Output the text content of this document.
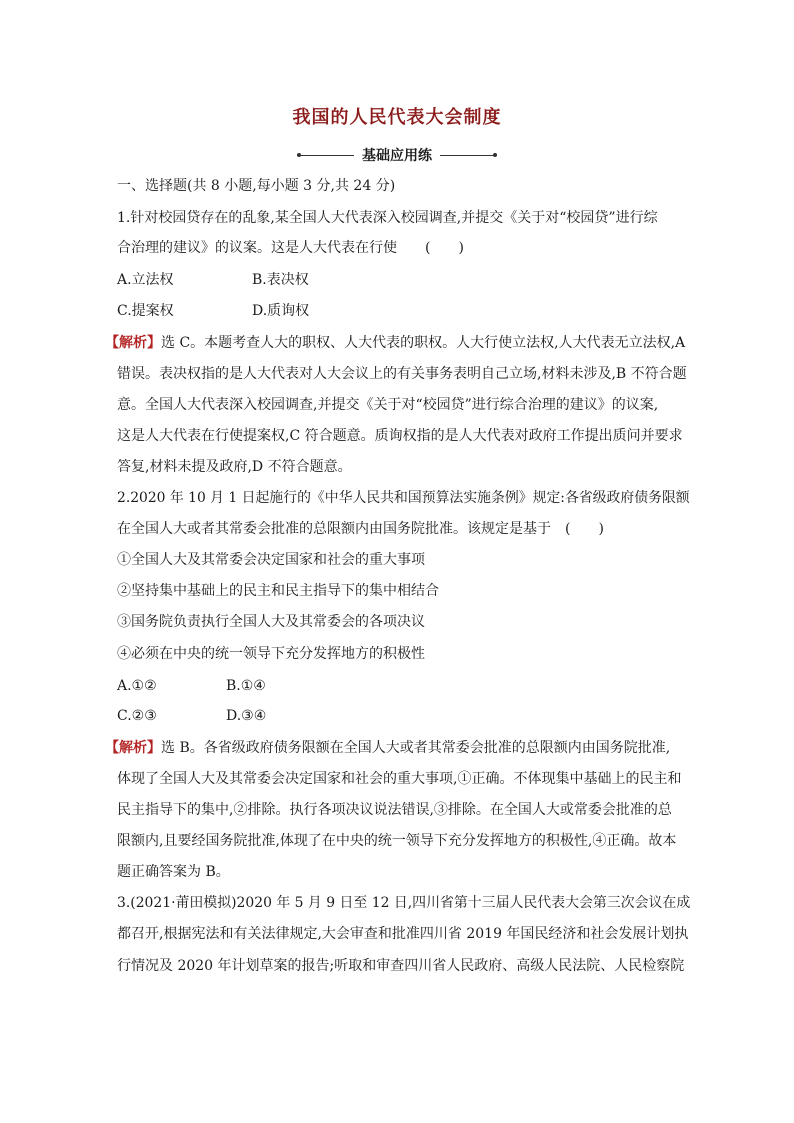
我国的人民代表大会制度
基础应用练
一、选择题(共 8 小题,每小题 3 分,共 24 分)
1.针对校园贷存在的乱象,某全国人大代表深入校园调查,并提交《关于对“校园贷”进行综
合治理的建议》的议案。这是人大代表在行使　　(　　)
A.立法权	B.表决权
C.提案权	D.质询权
【解析】选 C。本题考查人大的职权、人大代表的职权。人大行使立法权,人大代表无立法权,A
错误。表决权指的是人大代表对人大会议上的有关事务表明自己立场,材料未涉及,B 不符合题
意。全国人大代表深入校园调查,并提交《关于对“校园贷”进行综合治理的建议》的议案,
这是人大代表在行使提案权,C 符合题意。质询权指的是人大代表对政府工作提出质问并要求
答复,材料未提及政府,D 不符合题意。
2.2020 年 10 月 1 日起施行的《中华人民共和国预算法实施条例》规定:各省级政府债务限额
在全国人大或者其常委会批准的总限额内由国务院批准。该规定是基于　(　　)
①全国人大及其常委会决定国家和社会的重大事项
②坚持集中基础上的民主和民主指导下的集中相结合
③国务院负责执行全国人大及其常委会的各项决议
④必须在中央的统一领导下充分发挥地方的积极性
A.①②	B.①④
C.②③	D.③④
【解析】选 B。各省级政府债务限额在全国人大或者其常委会批准的总限额内由国务院批准,
体现了全国人大及其常委会决定国家和社会的重大事项,①正确。不体现集中基础上的民主和
民主指导下的集中,②排除。执行各项决议说法错误,③排除。在全国人大或常委会批准的总
限额内,且要经国务院批准,体现了在中央的统一领导下充分发挥地方的积极性,④正确。故本
题正确答案为 B。
3.(2021·莆田模拟)2020 年 5 月 9 日至 12 日,四川省第十三届人民代表大会第三次会议在成
都召开,根据宪法和有关法律规定,大会审查和批准四川省 2019 年国民经济和社会发展计划执
行情况及 2020 年计划草案的报告;听取和审查四川省人民政府、高级人民法院、人民检察院
